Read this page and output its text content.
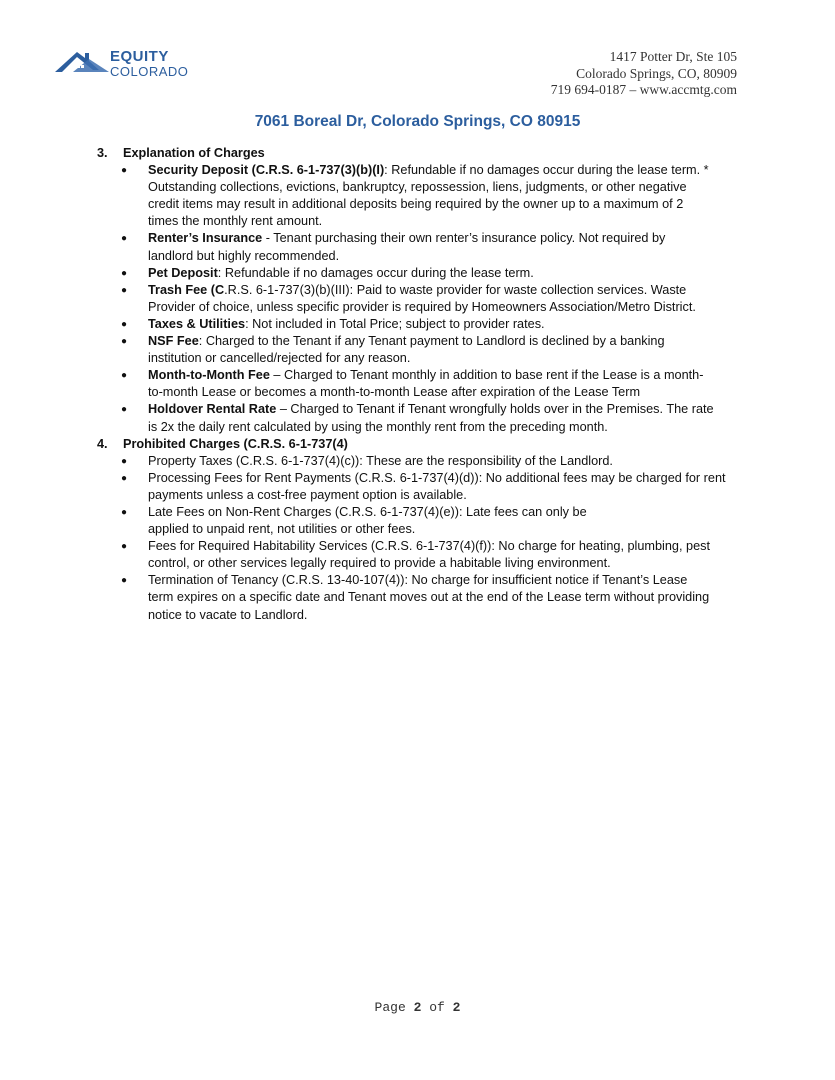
EQUITY
COLORADO
1417 Potter Dr, Ste 105
Colorado Springs, CO, 80909
719 694-0187 – www.accmtg.com
7061 Boreal Dr, Colorado Springs, CO 80915
3. Explanation of Charges
● Security Deposit (C.R.S. 6-1-737(3)(b)(I): Refundable if no damages occur during the lease term. *
Outstanding collections, evictions, bankruptcy, repossession, liens, judgments, or other negative
credit items may result in additional deposits being required by the owner up to a maximum of 2
times the monthly rent amount.
● Renter’s Insurance - Tenant purchasing their own renter’s insurance policy. Not required by
landlord but highly recommended.
● Pet Deposit: Refundable if no damages occur during the lease term.
● Trash Fee (C.R.S. 6-1-737(3)(b)(III): Paid to waste provider for waste collection services. Waste
Provider of choice, unless specific provider is required by Homeowners Association/Metro District.
● Taxes & Utilities: Not included in Total Price; subject to provider rates.
● NSF Fee: Charged to the Tenant if any Tenant payment to Landlord is declined by a banking
institution or cancelled/rejected for any reason.
● Month-to-Month Fee – Charged to Tenant monthly in addition to base rent if the Lease is a month-
to-month Lease or becomes a month-to-month Lease after expiration of the Lease Term
● Holdover Rental Rate – Charged to Tenant if Tenant wrongfully holds over in the Premises. The rate
is 2x the daily rent calculated by using the monthly rent from the preceding month.
4. Prohibited Charges (C.R.S. 6-1-737(4)
● Property Taxes (C.R.S. 6-1-737(4)(c)): These are the responsibility of the Landlord.
● Processing Fees for Rent Payments (C.R.S. 6-1-737(4)(d)): No additional fees may be charged for rent
payments unless a cost-free payment option is available.
● Late Fees on Non-Rent Charges (C.R.S. 6-1-737(4)(e)): Late fees can only be
applied to unpaid rent, not utilities or other fees.
● Fees for Required Habitability Services (C.R.S. 6-1-737(4)(f)): No charge for heating, plumbing, pest
control, or other services legally required to provide a habitable living environment.
● Termination of Tenancy (C.R.S. 13-40-107(4)): No charge for insufficient notice if Tenant’s Lease
term expires on a specific date and Tenant moves out at the end of the Lease term without providing
notice to vacate to Landlord.
Page 2 of 2
